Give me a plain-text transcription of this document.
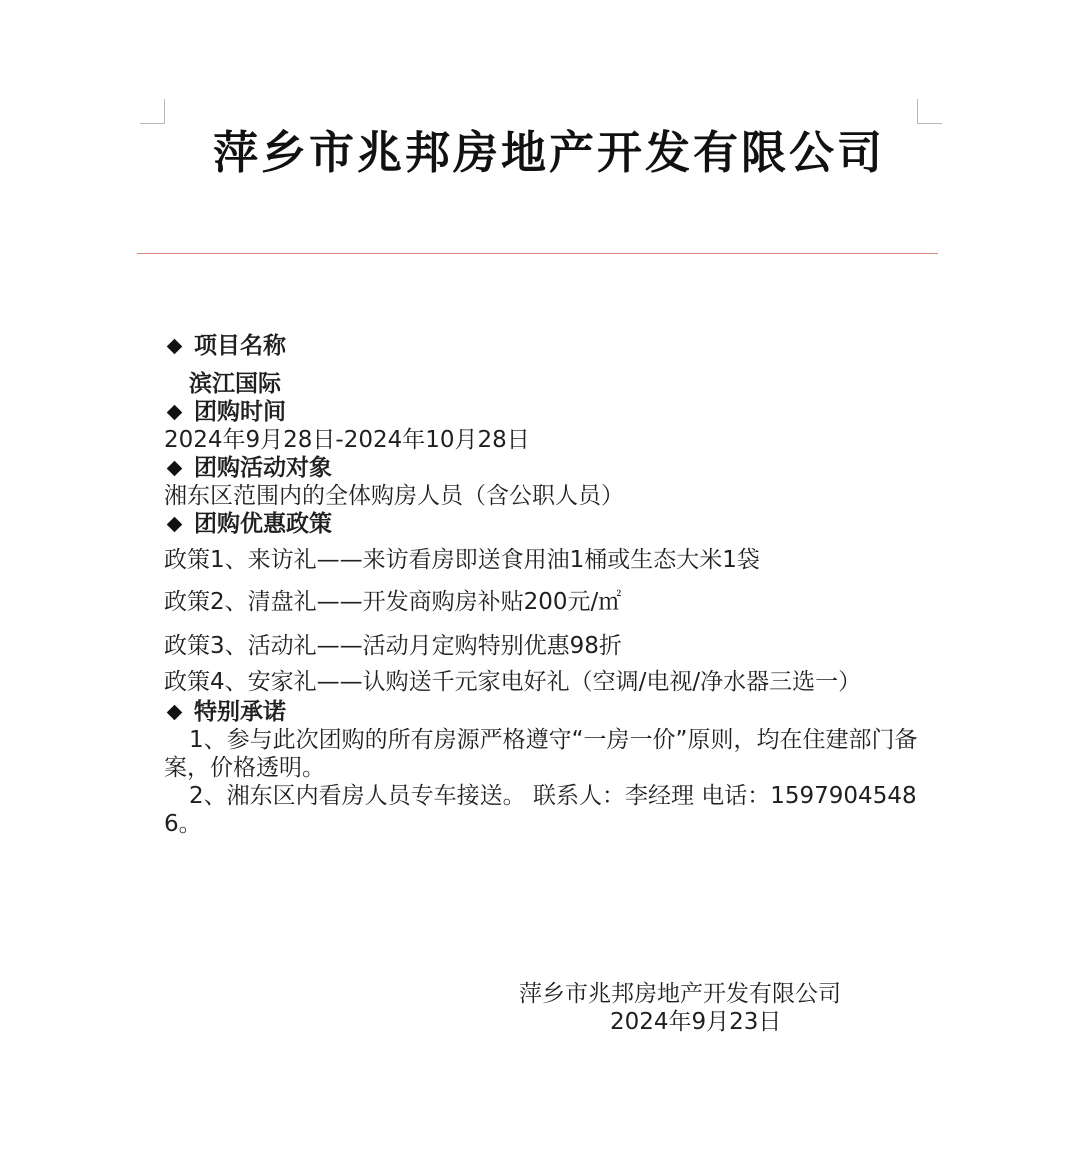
萍乡市兆邦房地产开发有限公司
项目名称
滨江国际
团购时间
2024年9月28日-2024年10月28日
团购活动对象
湘东区范围内的全体购房人员（含公职人员）
团购优惠政策
政策1、来访礼——来访看房即送食用油1桶或生态大米1袋
政策2、清盘礼——开发商购房补贴200元/㎡
政策3、活动礼——活动月定购特别优惠98折
政策4、安家礼——认购送千元家电好礼（空调/电视/净水器三选一）
特别承诺
1、参与此次团购的所有房源严格遵守“一房一价”原则，均在住建部门备案，价格透明。
2、湘东区内看房人员专车接送。 联系人：李经理 电话：15979045486。
萍乡市兆邦房地产开发有限公司
2024年9月23日
